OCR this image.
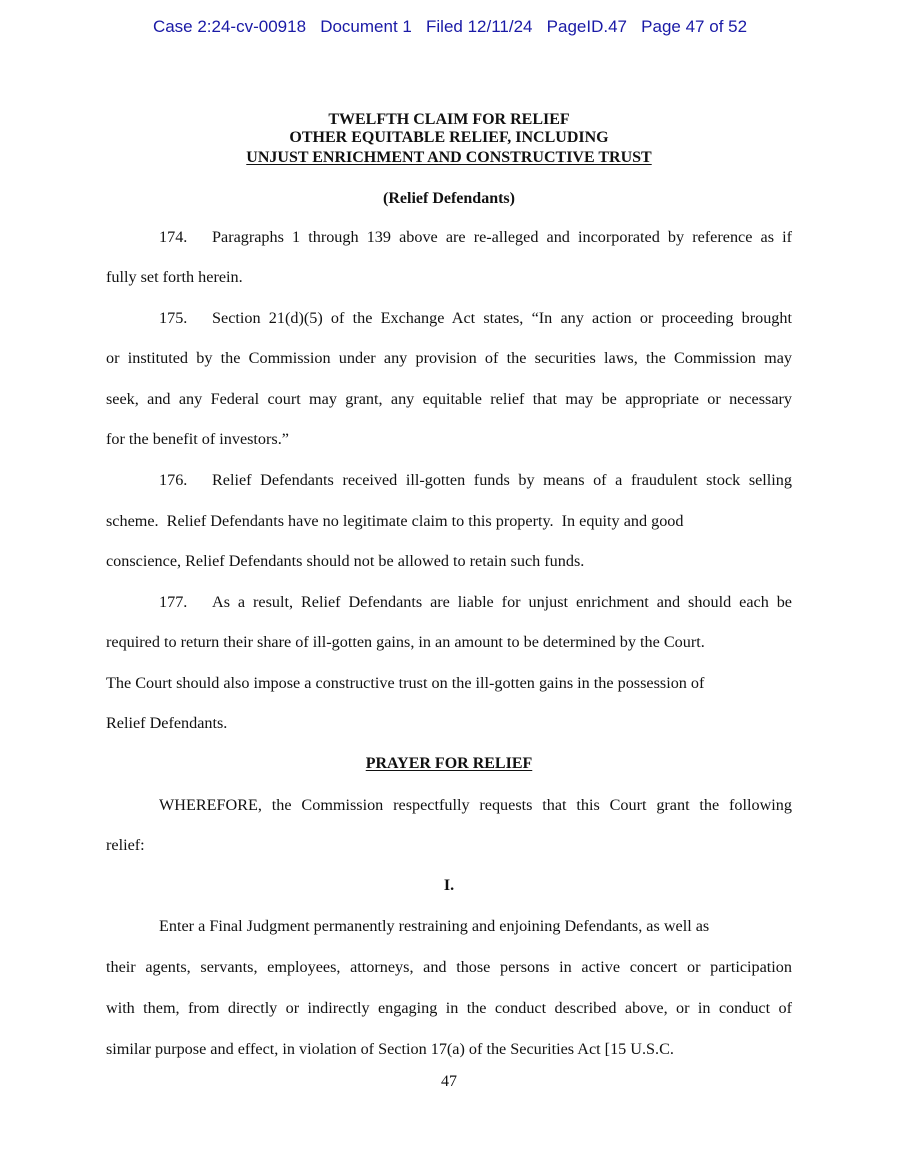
Case 2:24-cv-00918   Document 1   Filed 12/11/24   PageID.47   Page 47 of 52
TWELFTH CLAIM FOR RELIEF
OTHER EQUITABLE RELIEF, INCLUDING
UNJUST ENRICHMENT AND CONSTRUCTIVE TRUST
(Relief Defendants)
174. Paragraphs 1 through 139 above are re-alleged and incorporated by reference as if
fully set forth herein.
175. Section 21(d)(5) of the Exchange Act states, “In any action or proceeding brought
or instituted by the Commission under any provision of the securities laws, the Commission may
seek, and any Federal court may grant, any equitable relief that may be appropriate or necessary
for the benefit of investors.”
176. Relief Defendants received ill-gotten funds by means of a fraudulent stock selling
scheme.  Relief Defendants have no legitimate claim to this property.  In equity and good
conscience, Relief Defendants should not be allowed to retain such funds.
177. As a result, Relief Defendants are liable for unjust enrichment and should each be
required to return their share of ill-gotten gains, in an amount to be determined by the Court.
The Court should also impose a constructive trust on the ill-gotten gains in the possession of
Relief Defendants.
PRAYER FOR RELIEF
WHEREFORE, the Commission respectfully requests that this Court grant the following
relief:
I.
Enter a Final Judgment permanently restraining and enjoining Defendants, as well as
their agents, servants, employees, attorneys, and those persons in active concert or participation
with them, from directly or indirectly engaging in the conduct described above, or in conduct of
similar purpose and effect, in violation of Section 17(a) of the Securities Act [15 U.S.C.
47
